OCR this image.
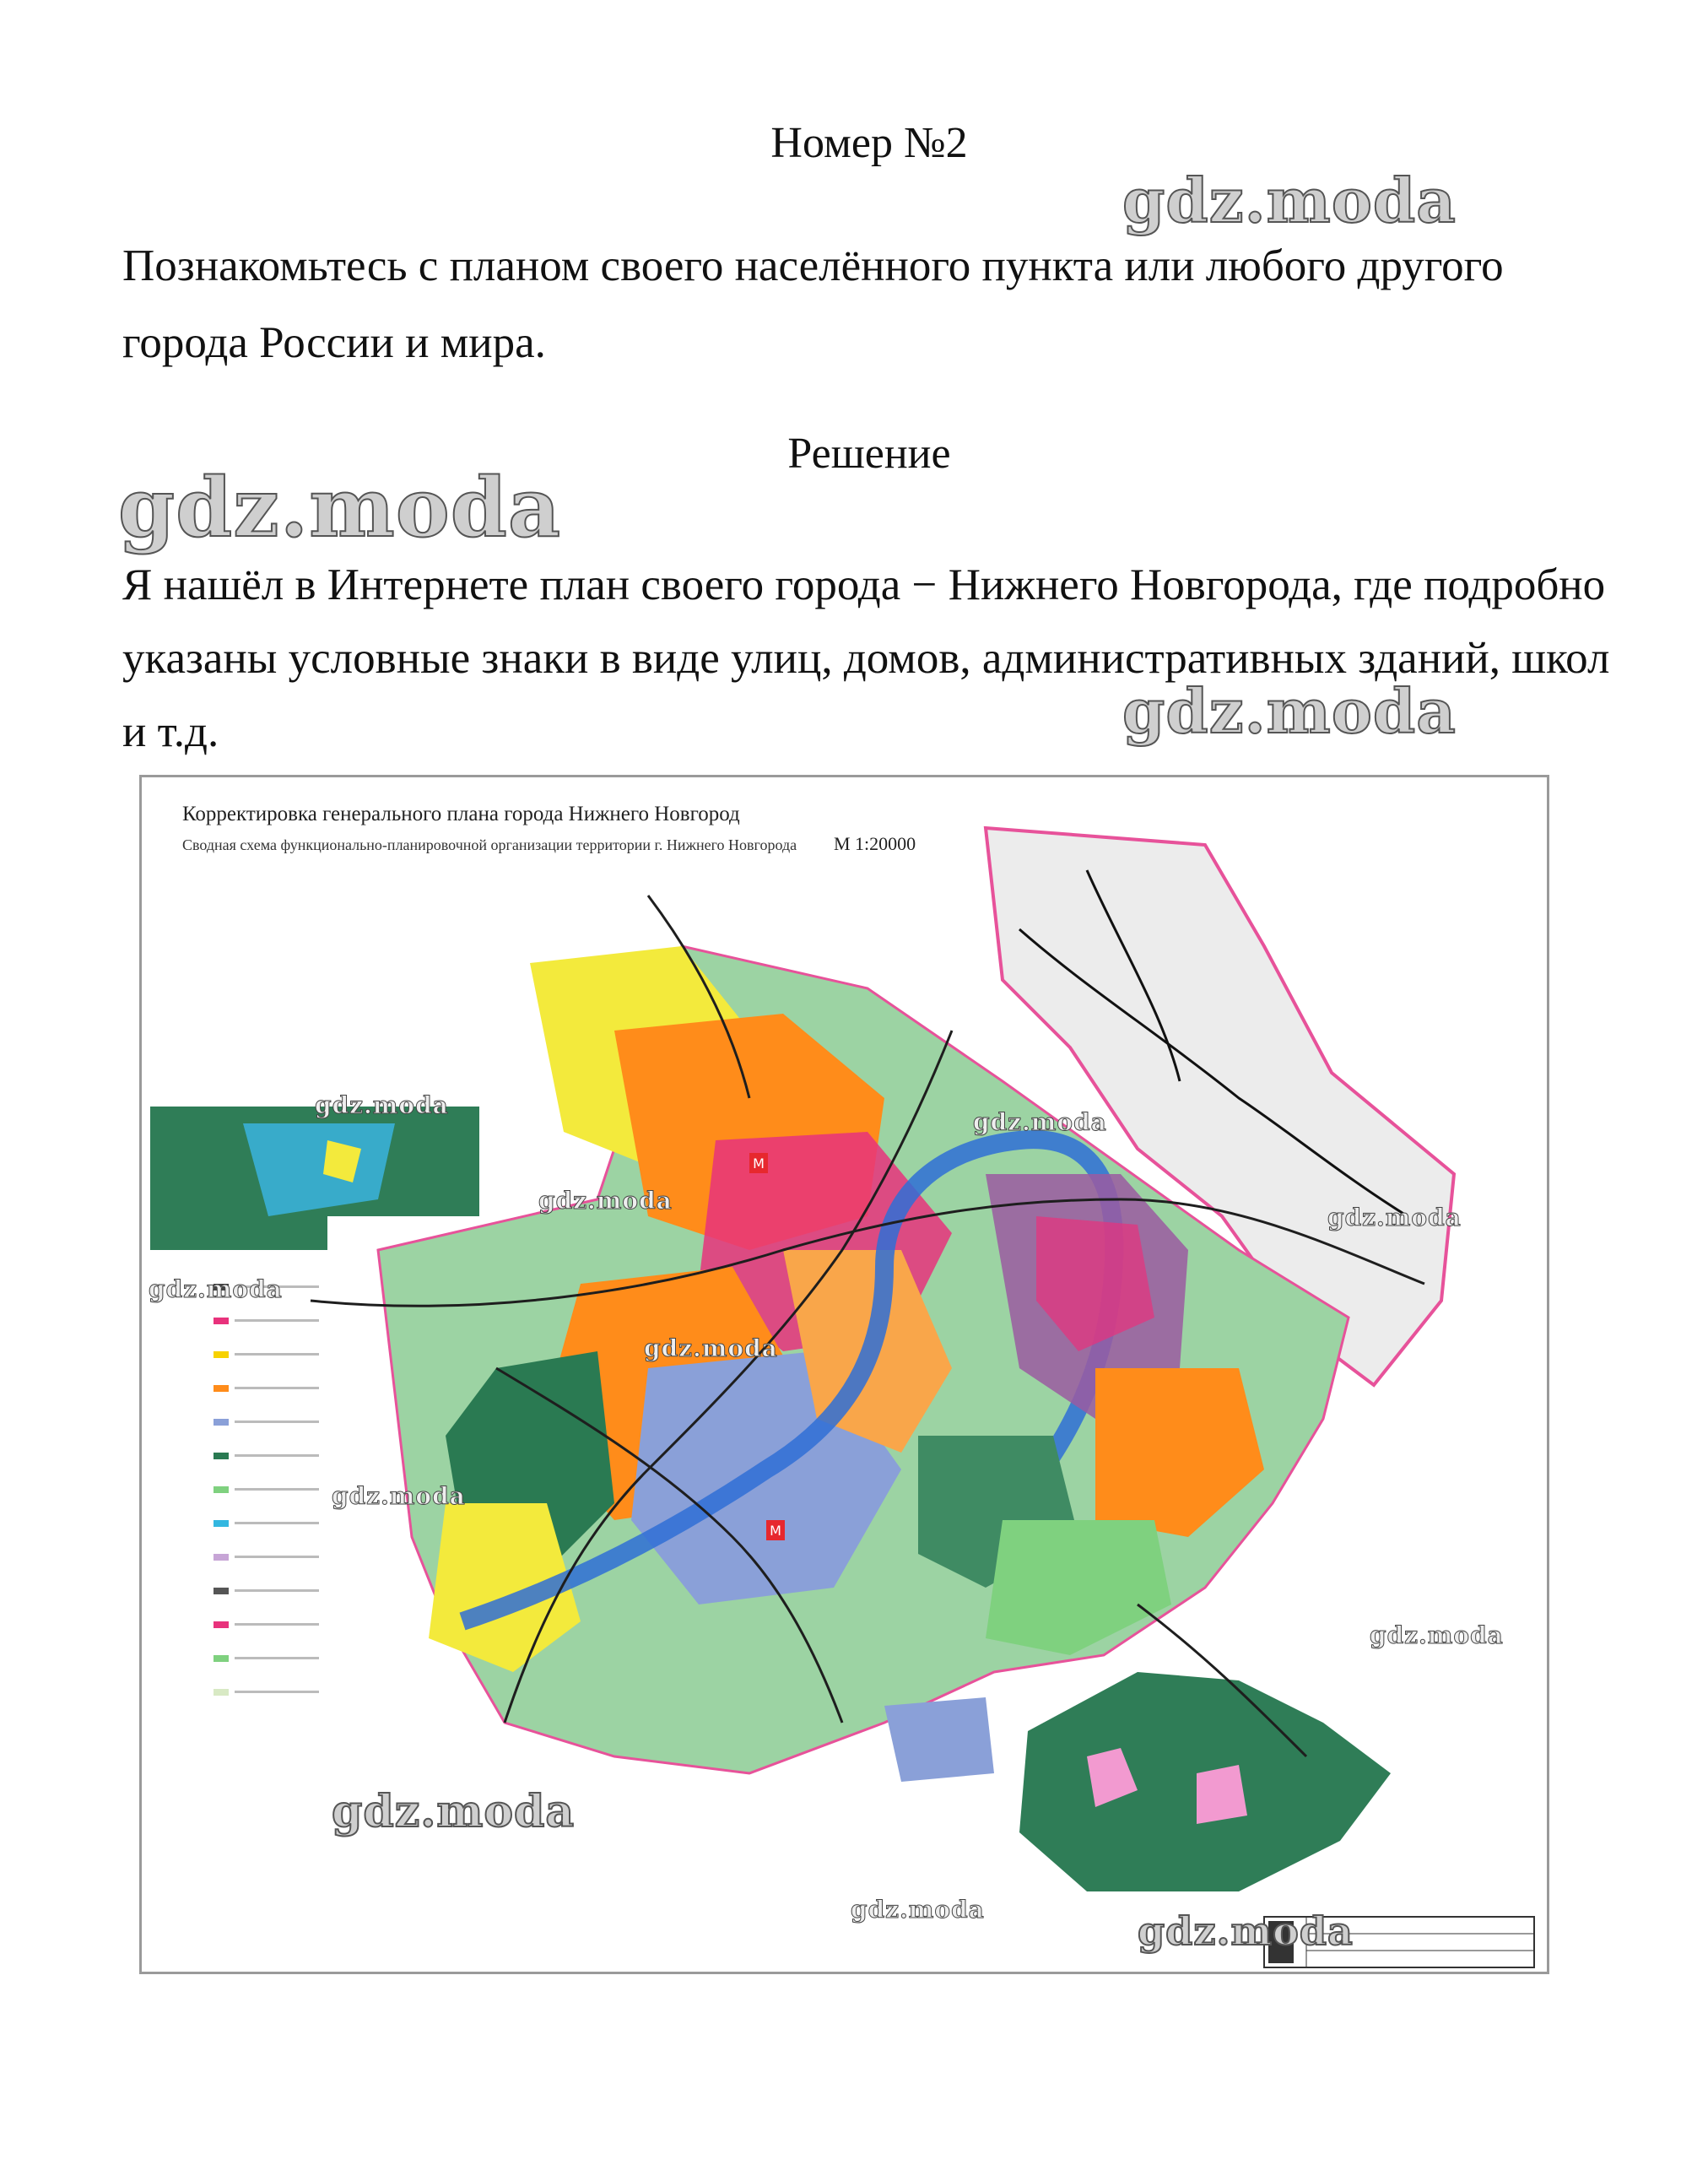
Номер №2
gdz.moda
Познакомьтесь с планом своего населённого пункта или любого другого города России и мира.
Решение
gdz.moda
Я нашёл в Интернете план своего города − Нижнего Новгорода, где подробно указаны условные знаки в виде улиц, домов, административных зданий, школ и т.д.	gdz.moda
M
M
Корректировка генерального плана города Нижнего Новгород
Сводная схема функционально-планировочной организации территории г. Нижнего Новгорода М 1:20000
gdz.moda
gdz.moda
gdz.moda
gdz.moda
gdz.moda
gdz.moda
gdz.moda
gdz.moda
gdz.moda
gdz.moda	gdz.moda
